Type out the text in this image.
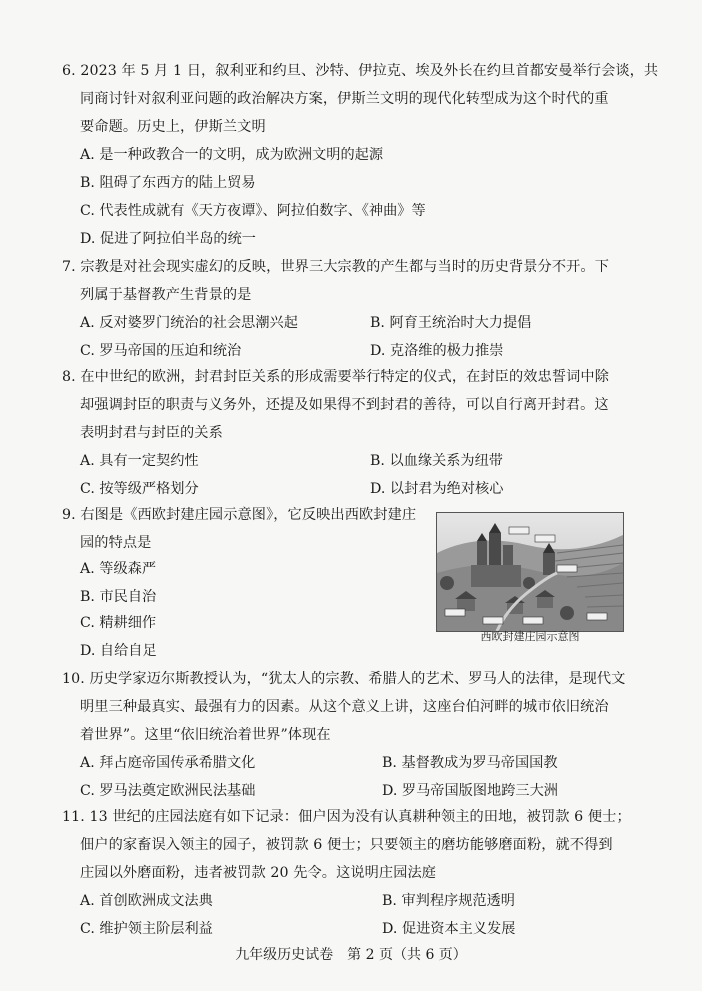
6. 2023 年 5 月 1 日，叙利亚和约旦、沙特、伊拉克、埃及外长在约旦首都安曼举行会谈，共
同商讨针对叙利亚问题的政治解决方案，伊斯兰文明的现代化转型成为这个时代的重
要命题。历史上，伊斯兰文明
A. 是一种政教合一的文明，成为欧洲文明的起源
B. 阻碍了东西方的陆上贸易
C. 代表性成就有《天方夜谭》、阿拉伯数字、《神曲》等
D. 促进了阿拉伯半岛的统一
7. 宗教是对社会现实虚幻的反映，世界三大宗教的产生都与当时的历史背景分不开。下
列属于基督教产生背景的是
A. 反对婆罗门统治的社会思潮兴起	B. 阿育王统治时大力提倡
C. 罗马帝国的压迫和统治	D. 克洛维的极力推崇
8. 在中世纪的欧洲，封君封臣关系的形成需要举行特定的仪式，在封臣的效忠誓词中除
却强调封臣的职责与义务外，还提及如果得不到封君的善待，可以自行离开封君。这
表明封君与封臣的关系
A. 具有一定契约性	B. 以血缘关系为纽带
C. 按等级严格划分	D. 以封君为绝对核心
9. 右图是《西欧封建庄园示意图》，它反映出西欧封建庄
园的特点是
A. 等级森严
B. 市民自治
C. 精耕细作
D. 自给自足
西欧封建庄园示意图
10. 历史学家迈尔斯教授认为，“犹太人的宗教、希腊人的艺术、罗马人的法律，是现代文
明里三种最真实、最强有力的因素。从这个意义上讲，这座台伯河畔的城市依旧统治
着世界”。这里“依旧统治着世界”体现在
A. 拜占庭帝国传承希腊文化	B. 基督教成为罗马帝国国教
C. 罗马法奠定欧洲民法基础	D. 罗马帝国版图地跨三大洲
11. 13 世纪的庄园法庭有如下记录：佃户因为没有认真耕种领主的田地，被罚款 6 便士；
佃户的家畜误入领主的园子，被罚款 6 便士；只要领主的磨坊能够磨面粉，就不得到
庄园以外磨面粉，违者被罚款 20 先令。这说明庄园法庭
A. 首创欧洲成文法典	B. 审判程序规范透明
C. 维护领主阶层利益	D. 促进资本主义发展
九年级历史试卷　第 2 页（共 6 页）
